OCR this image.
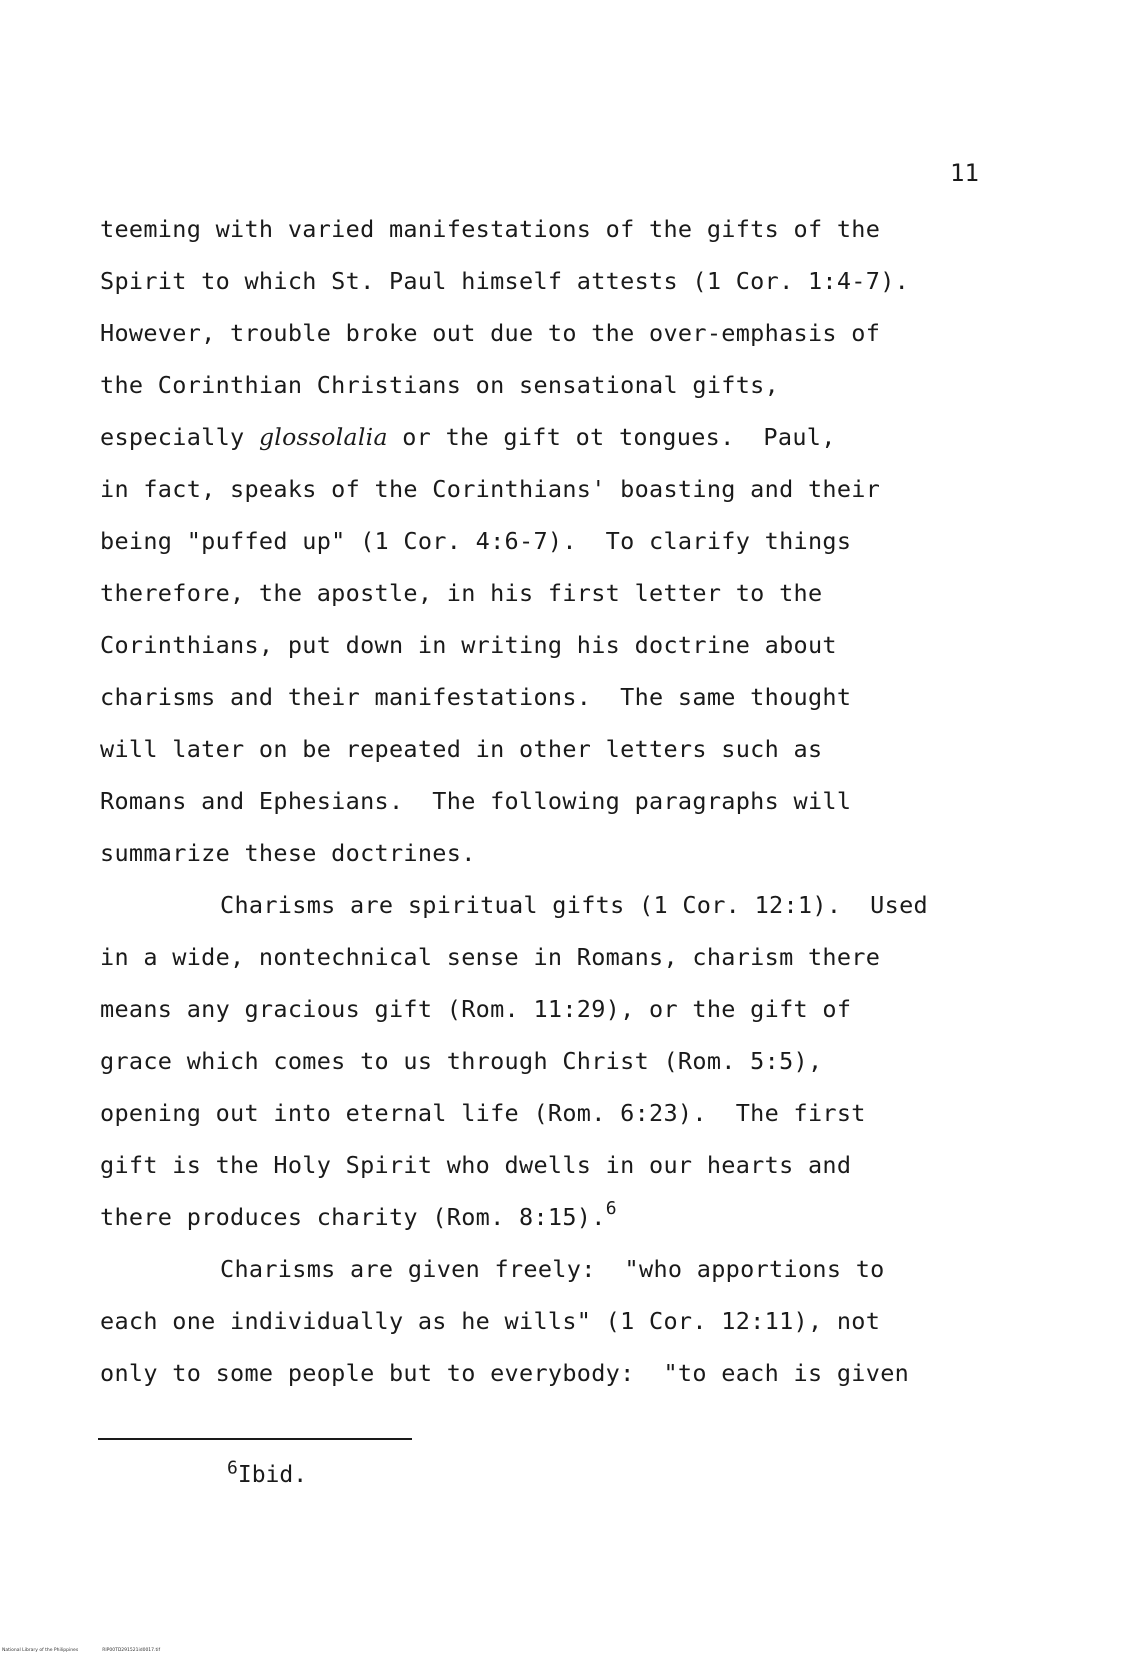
11
teeming with varied manifestations of the gifts of the
Spirit to which St. Paul himself attests (1 Cor. 1:4-7).
However, trouble broke out due to the over-emphasis of
the Corinthian Christians on sensational gifts,
especially glossolalia or the gift ot tongues.  Paul,
in fact, speaks of the Corinthians' boasting and their
being "puffed up" (1 Cor. 4:6-7).  To clarify things
therefore, the apostle, in his first letter to the
Corinthians, put down in writing his doctrine about
charisms and their manifestations.  The same thought
will later on be repeated in other letters such as
Romans and Ephesians.  The following paragraphs will
summarize these doctrines.
Charisms are spiritual gifts (1 Cor. 12:1).  Used
in a wide, nontechnical sense in Romans, charism there
means any gracious gift (Rom. 11:29), or the gift of
grace which comes to us through Christ (Rom. 5:5),
opening out into eternal life (Rom. 6:23).  The first
gift is the Holy Spirit who dwells in our hearts and
there produces charity (Rom. 8:15).$^6$
Charisms are given freely:  "who apportions to
each one individually as he wills" (1 Cor. 12:11), not
only to some people but to everybody:  "to each is given
$^6$Ibid.
National Library of the Philippines	RIP00TD291521id0017.tif
